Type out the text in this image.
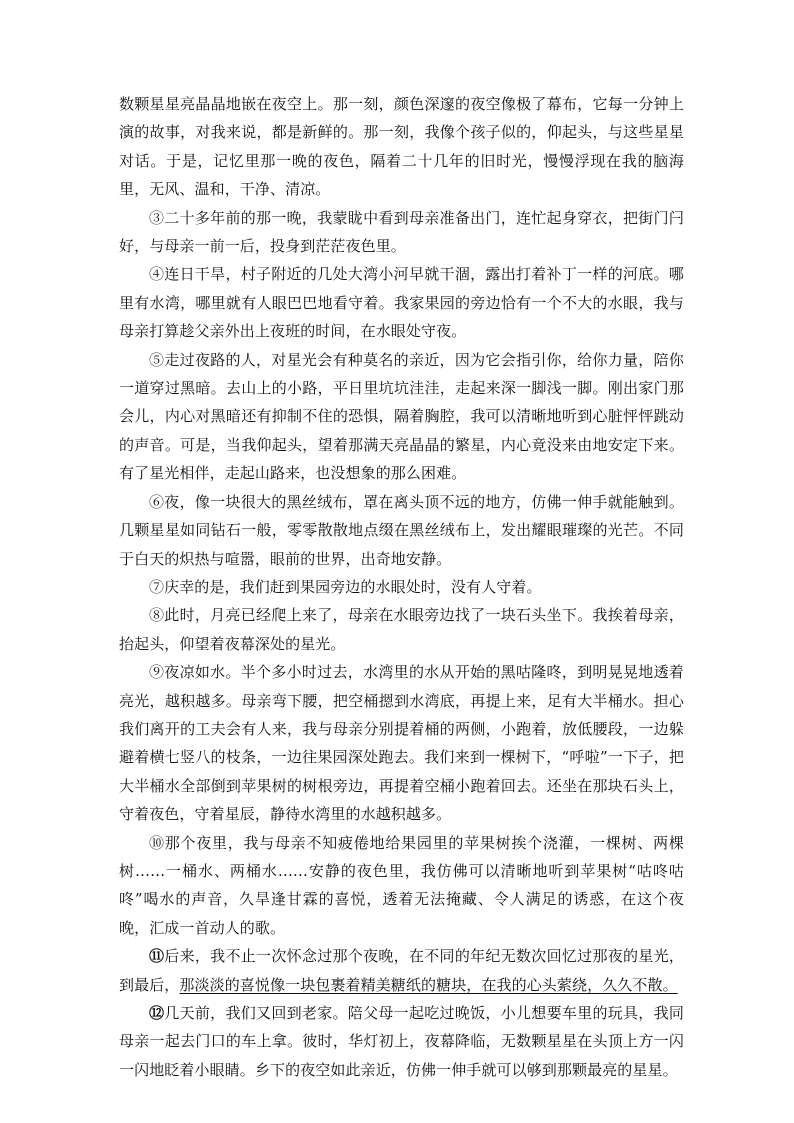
数颗星星亮晶晶地嵌在夜空上。那一刻，颜色深邃的夜空像极了幕布，它每一分钟上演的故事，对我来说，都是新鲜的。那一刻，我像个孩子似的，仰起头，与这些星星对话。于是，记忆里那一晚的夜色，隔着二十几年的旧时光，慢慢浮现在我的脑海里，无风、温和，干净、清凉。

③二十多年前的那一晚，我蒙眬中看到母亲准备出门，连忙起身穿衣，把街门闩好，与母亲一前一后，投身到茫茫夜色里。

④连日干旱，村子附近的几处大湾小河早就干涸，露出打着补丁一样的河底。哪里有水湾，哪里就有人眼巴巴地看守着。我家果园的旁边恰有一个不大的水眼，我与母亲打算趁父亲外出上夜班的时间，在水眼处守夜。

⑤走过夜路的人，对星光会有种莫名的亲近，因为它会指引你，给你力量，陪你一道穿过黑暗。去山上的小路，平日里坑坑洼洼，走起来深一脚浅一脚。刚出家门那会儿，内心对黑暗还有抑制不住的恐惧，隔着胸腔，我可以清晰地听到心脏怦怦跳动的声音。可是，当我仰起头，望着那满天亮晶晶的繁星，内心竟没来由地安定下来。有了星光相伴，走起山路来，也没想象的那么困难。

⑥夜，像一块很大的黑丝绒布，罩在离头顶不远的地方，仿佛一伸手就能触到。几颗星星如同钻石一般，零零散散地点缀在黑丝绒布上，发出耀眼璀璨的光芒。不同于白天的炽热与喧嚣，眼前的世界，出奇地安静。

⑦庆幸的是，我们赶到果园旁边的水眼处时，没有人守着。

⑧此时，月亮已经爬上来了，母亲在水眼旁边找了一块石头坐下。我挨着母亲，抬起头，仰望着夜幕深处的星光。

⑨夜凉如水。半个多小时过去，水湾里的水从开始的黑咕隆咚，到明晃晃地透着亮光，越积越多。母亲弯下腰，把空桶摁到水湾底，再提上来，足有大半桶水。担心我们离开的工夫会有人来，我与母亲分别提着桶的两侧，小跑着，放低腰段，一边躲避着横七竖八的枝条，一边往果园深处跑去。我们来到一棵树下，“呼啦”一下子，把大半桶水全部倒到苹果树的树根旁边，再提着空桶小跑着回去。还坐在那块石头上，守着夜色，守着星辰，静待水湾里的水越积越多。

⑩那个夜里，我与母亲不知疲倦地给果园里的苹果树挨个浇灌，一棵树、两棵树……一桶水、两桶水……安静的夜色里，我仿佛可以清晰地听到苹果树“咕咚咕咚”喝水的声音，久旱逢甘霖的喜悦，透着无法掩藏、令人满足的诱惑，在这个夜晚，汇成一首动人的歌。

⑪后来，我不止一次怀念过那个夜晚，在不同的年纪无数次回忆过那夜的星光，到最后，那淡淡的喜悦像一块包裹着精美糖纸的糖块，在我的心头萦绕，久久不散。

⑫几天前，我们又回到老家。陪父母一起吃过晚饭，小儿想要车里的玩具，我同母亲一起去门口的车上拿。彼时，华灯初上，夜幕降临，无数颗星星在头顶上方一闪一闪地眨着小眼睛。乡下的夜空如此亲近，仿佛一伸手就可以够到那颗最亮的星星。
